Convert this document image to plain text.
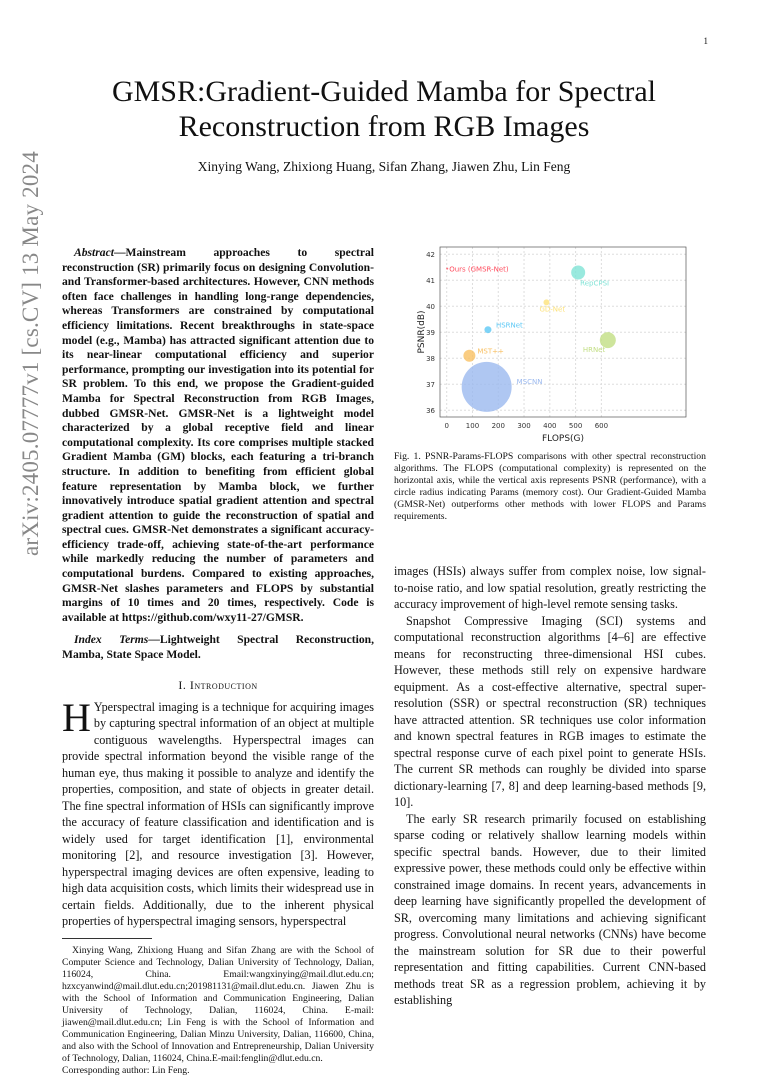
1
arXiv:2405.07777v1 [cs.CV] 13 May 2024
GMSR:Gradient-Guided Mamba for Spectral Reconstruction from RGB Images
Xinying Wang, Zhixiong Huang, Sifan Zhang, Jiawen Zhu, Lin Feng
Abstract—Mainstream approaches to spectral reconstruction (SR) primarily focus on designing Convolution- and Transformer-based architectures. However, CNN methods often face challenges in handling long-range dependencies, whereas Transformers are constrained by computational efficiency limitations. Recent breakthroughs in state-space model (e.g., Mamba) has attracted significant attention due to its near-linear computational efficiency and superior performance, prompting our investigation into its potential for SR problem. To this end, we propose the Gradient-guided Mamba for Spectral Reconstruction from RGB Images, dubbed GMSR-Net. GMSR-Net is a lightweight model characterized by a global receptive field and linear computational complexity. Its core comprises multiple stacked Gradient Mamba (GM) blocks, each featuring a tri-branch structure. In addition to benefiting from efficient global feature representation by Mamba block, we further innovatively introduce spatial gradient attention and spectral gradient attention to guide the reconstruction of spatial and spectral cues. GMSR-Net demonstrates a significant accuracy-efficiency trade-off, achieving state-of-the-art performance while markedly reducing the number of parameters and computational burdens. Compared to existing approaches, GMSR-Net slashes parameters and FLOPS by substantial margins of 10 times and 20 times, respectively. Code is available at https://github.com/wxy11-27/GMSR.
Index Terms—Lightweight Spectral Reconstruction, Mamba, State Space Model.
I. Introduction
H Yperspectral imaging is a technique for acquiring images by capturing spectral information of an object at multiple contiguous wavelengths. Hyperspectral images can provide spectral information beyond the visible range of the human eye, thus making it possible to analyze and identify the properties, composition, and state of objects in greater detail. The fine spectral information of HSIs can significantly improve the accuracy of feature classification and identification and is widely used for target identification [1], environmental monitoring [2], and resource investigation [3]. However, hyperspectral imaging devices are often expensive, leading to high data acquisition costs, which limits their widespread use in certain fields. Additionally, due to the inherent physical properties of hyperspectral imaging sensors, hyperspectral

Xinying Wang, Zhixiong Huang and Sifan Zhang are with the School of Computer Science and Technology, Dalian University of Technology, Dalian, 116024, China. Email:wangxinying@mail.dlut.edu.cn; hzxcyanwind@mail.dlut.edu.cn;201981131@mail.dlut.edu.cn. Jiawen Zhu is with the School of Information and Communication Engineering, Dalian University of Technology, Dalian, 116024, China. E-mail: jiawen@mail.dlut.edu.cn; Lin Feng is with the School of Information and Communication Engineering, Dalian Minzu University, Dalian, 116600, China, and also with the School of Innovation and Entrepreneurship, Dalian University of Technology, Dalian, 116024, China.E-mail:fenglin@dlut.edu.cn.

Corresponding author: Lin Feng.

0 100 200 300 400 500 600
36
37
38
39
40
41
42
FLOPS(G)
PSNR(dB)
Ours (GMSR-Net)
RepCPSI
GD-Net
HSRNet
MST++
MSCNN
HRNet
Fig. 1. PSNR-Params-FLOPS comparisons with other spectral reconstruction algorithms. The FLOPS (computational complexity) is represented on the horizontal axis, while the vertical axis represents PSNR (performance), with a circle radius indicating Params (memory cost). Our Gradient-Guided Mamba (GMSR-Net) outperforms other methods with lower FLOPS and Params requirements.

images (HSIs) always suffer from complex noise, low signal-to-noise ratio, and low spatial resolution, greatly restricting the accuracy improvement of high-level remote sensing tasks.

Snapshot Compressive Imaging (SCI) systems and computational reconstruction algorithms [4–6] are effective means for reconstructing three-dimensional HSI cubes. However, these methods still rely on expensive hardware equipment. As a cost-effective alternative, spectral super-resolution (SSR) or spectral reconstruction (SR) techniques have attracted attention. SR techniques use color information and known spectral features in RGB images to estimate the spectral response curve of each pixel point to generate HSIs. The current SR methods can roughly be divided into sparse dictionary-learning [7, 8] and deep learning-based methods [9, 10].

The early SR research primarily focused on establishing sparse coding or relatively shallow learning models within specific spectral bands. However, due to their limited expressive power, these methods could only be effective within constrained image domains. In recent years, advancements in deep learning have significantly propelled the development of SR, overcoming many limitations and achieving significant progress. Convolutional neural networks (CNNs) have become the mainstream solution for SR due to their powerful representation and fitting capabilities. Current CNN-based methods treat SR as a regression problem, achieving it by establishing
